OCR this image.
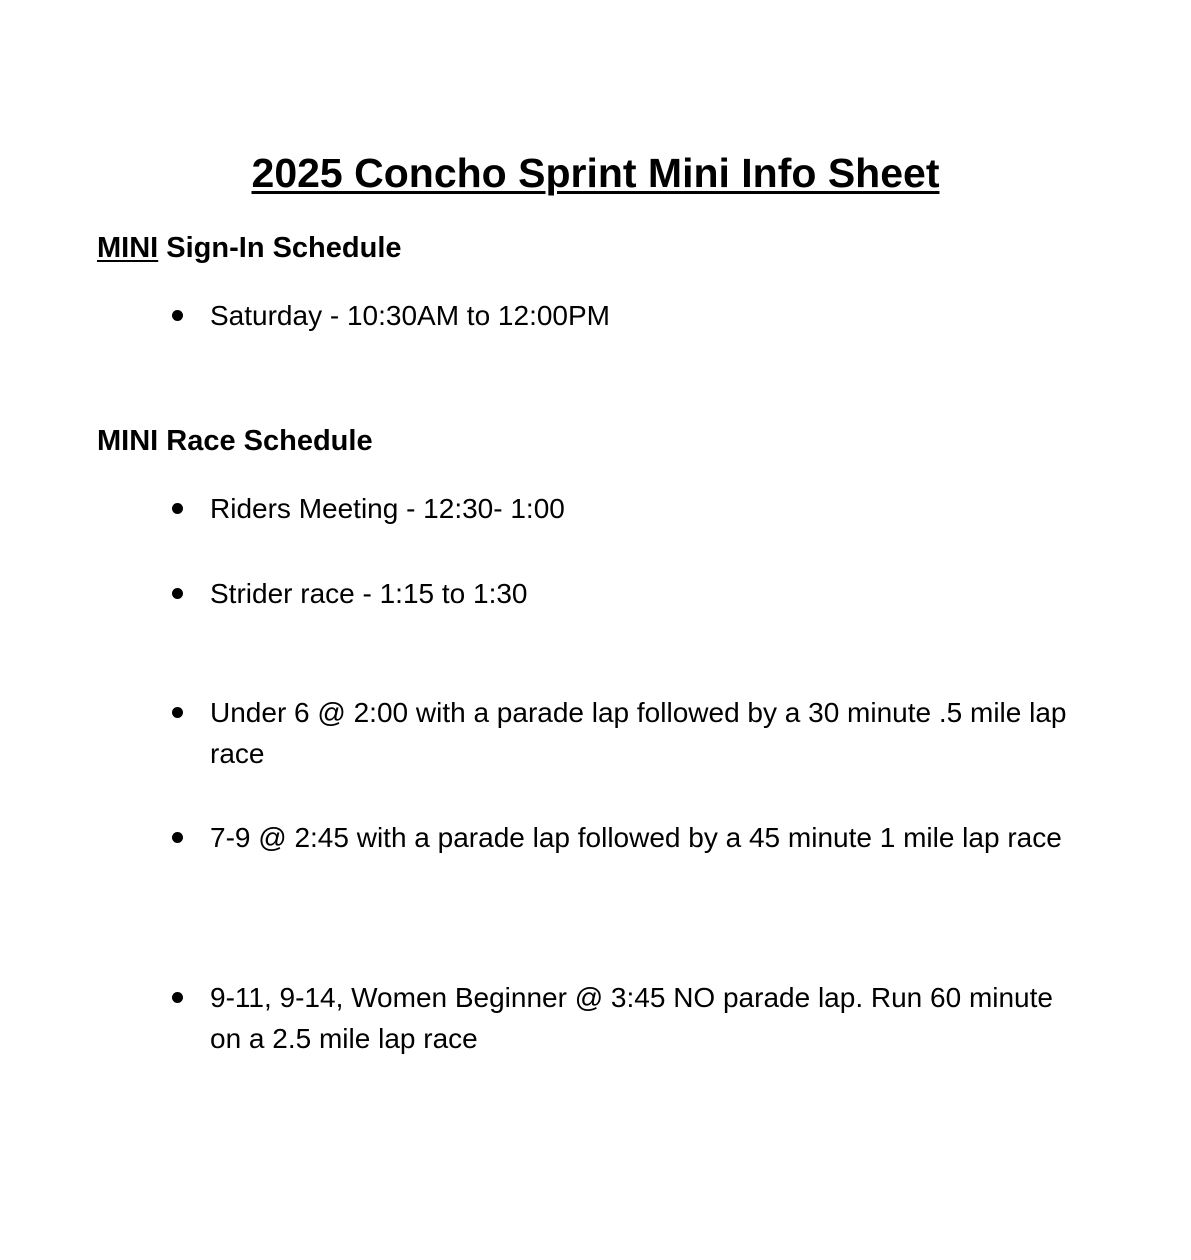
2025 Concho Sprint Mini Info Sheet
MINI Sign-In Schedule

Saturday - 10:30AM to 12:00PM

MINI Race Schedule

Riders Meeting - 12:30- 1:00

Strider race - 1:15 to 1:30

Under 6 @ 2:00 with a parade lap followed by a 30 minute .5 mile lap race

7-9 @ 2:45 with a parade lap followed by a 45 minute 1 mile lap race

9-11, 9-14, Women Beginner @ 3:45 NO parade lap. Run 60 minute on a 2.5 mile lap race
